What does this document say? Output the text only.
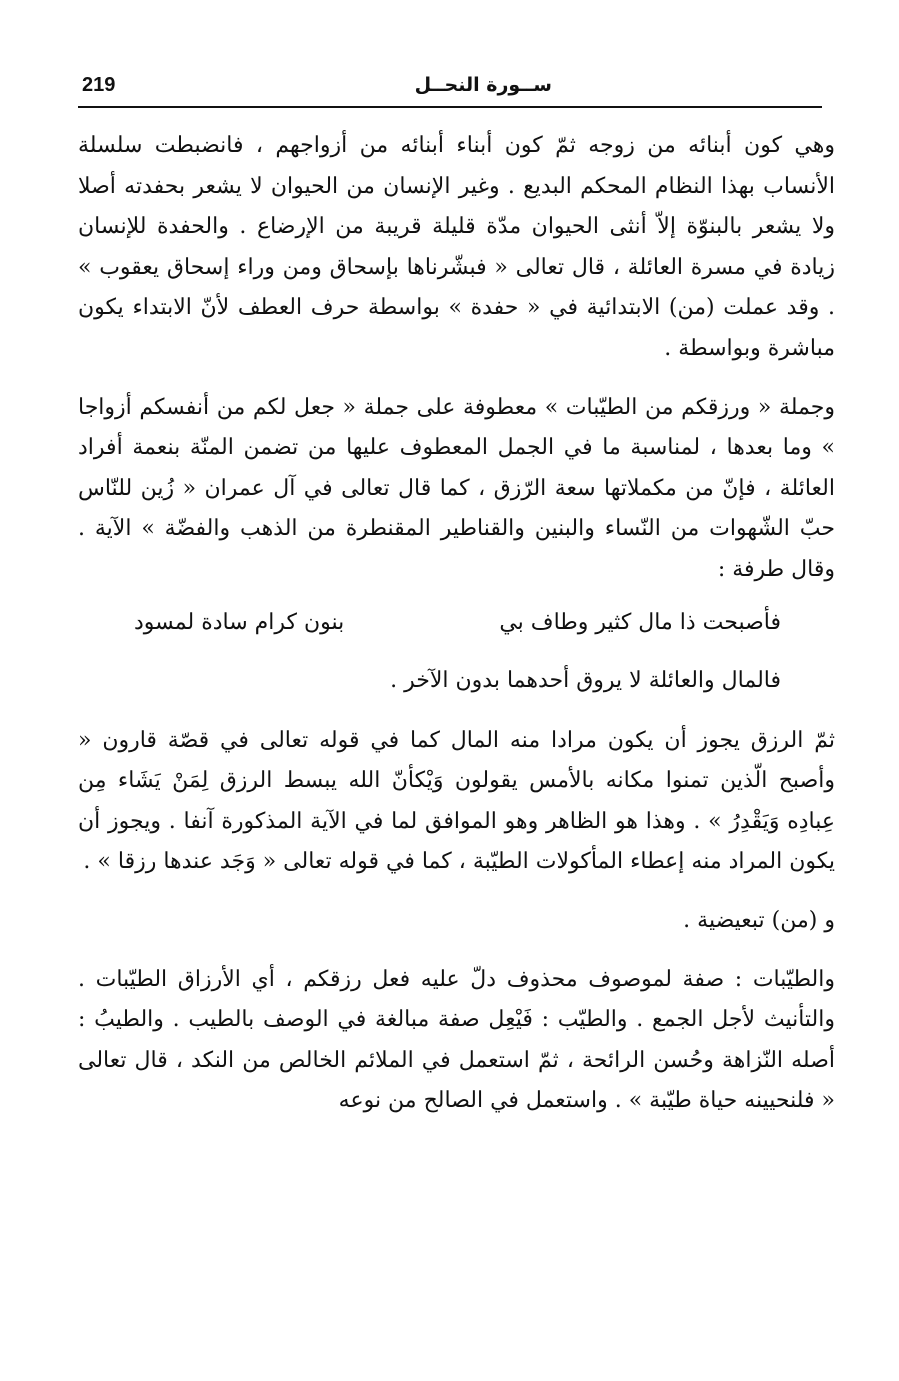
219	ســورة النحــل

وهي كون أبنائه من زوجه ثمّ كون أبناء أبنائه من أزواجهم ، فانضبطت سلسلة الأنساب بهذا النظام المحكم البديع . وغير الإنسان من الحيوان لا يشعر بحفدته أصلا ولا يشعر بالبنوّة إلاّ أنثى الحيوان مدّة قليلة قريبة من الإرضاع . والحفدة للإنسان زيادة في مسرة العائلة ، قال تعالى « فبشّرناها بإسحاق ومن وراء إسحاق يعقوب » . وقد عملت (من) الابتدائية في « حفدة » بواسطة حرف العطف لأنّ الابتداء يكون مباشرة وبواسطة .

وجملة « ورزقكم من الطيّبات » معطوفة على جملة « جعل لكم من أنفسكم أزواجا » وما بعدها ، لمناسبة ما في الجمل المعطوف عليها من تضمن المنّة بنعمة أفراد العائلة ، فإنّ من مكملاتها سعة الرّزق ، كما قال تعالى في آل عمران « زُين للنّاس حبّ الشّهوات من النّساء والبنين والقناطير المقنطرة من الذهب والفضّة » الآية . وقال طرفة :

فأصبحت ذا مال كثير وطاف بي
بنون كرام سادة لمسود
فالمال والعائلة لا يروق أحدهما بدون الآخر .

ثمّ الرزق يجوز أن يكون مرادا منه المال كما في قوله تعالى في قصّة قارون « وأصبح الّذين تمنوا مكانه بالأمس يقولون وَيْكأنّ الله يبسط الرزق لِمَنْ يَشَاء مِن عِبادِه وَيَقْدِرُ » . وهذا هو الظاهر وهو الموافق لما في الآية المذكورة آنفا . ويجوز أن يكون المراد منه إعطاء المأكولات الطيّبة ، كما في قوله تعالى « وَجَد عندها رزقا » .

و (من) تبعيضية .

والطيّبات : صفة لموصوف محذوف دلّ عليه فعل رزقكم ، أي الأرزاق الطيّبات . والتأنيث لأجل الجمع . والطيّب : فَيْعِل صفة مبالغة في الوصف بالطيب . والطيبُ : أصله النّزاهة وحُسن الرائحة ، ثمّ استعمل في الملائم الخالص من النكد ، قال تعالى « فلنحيينه حياة طيّبة » . واستعمل في الصالح من نوعه
